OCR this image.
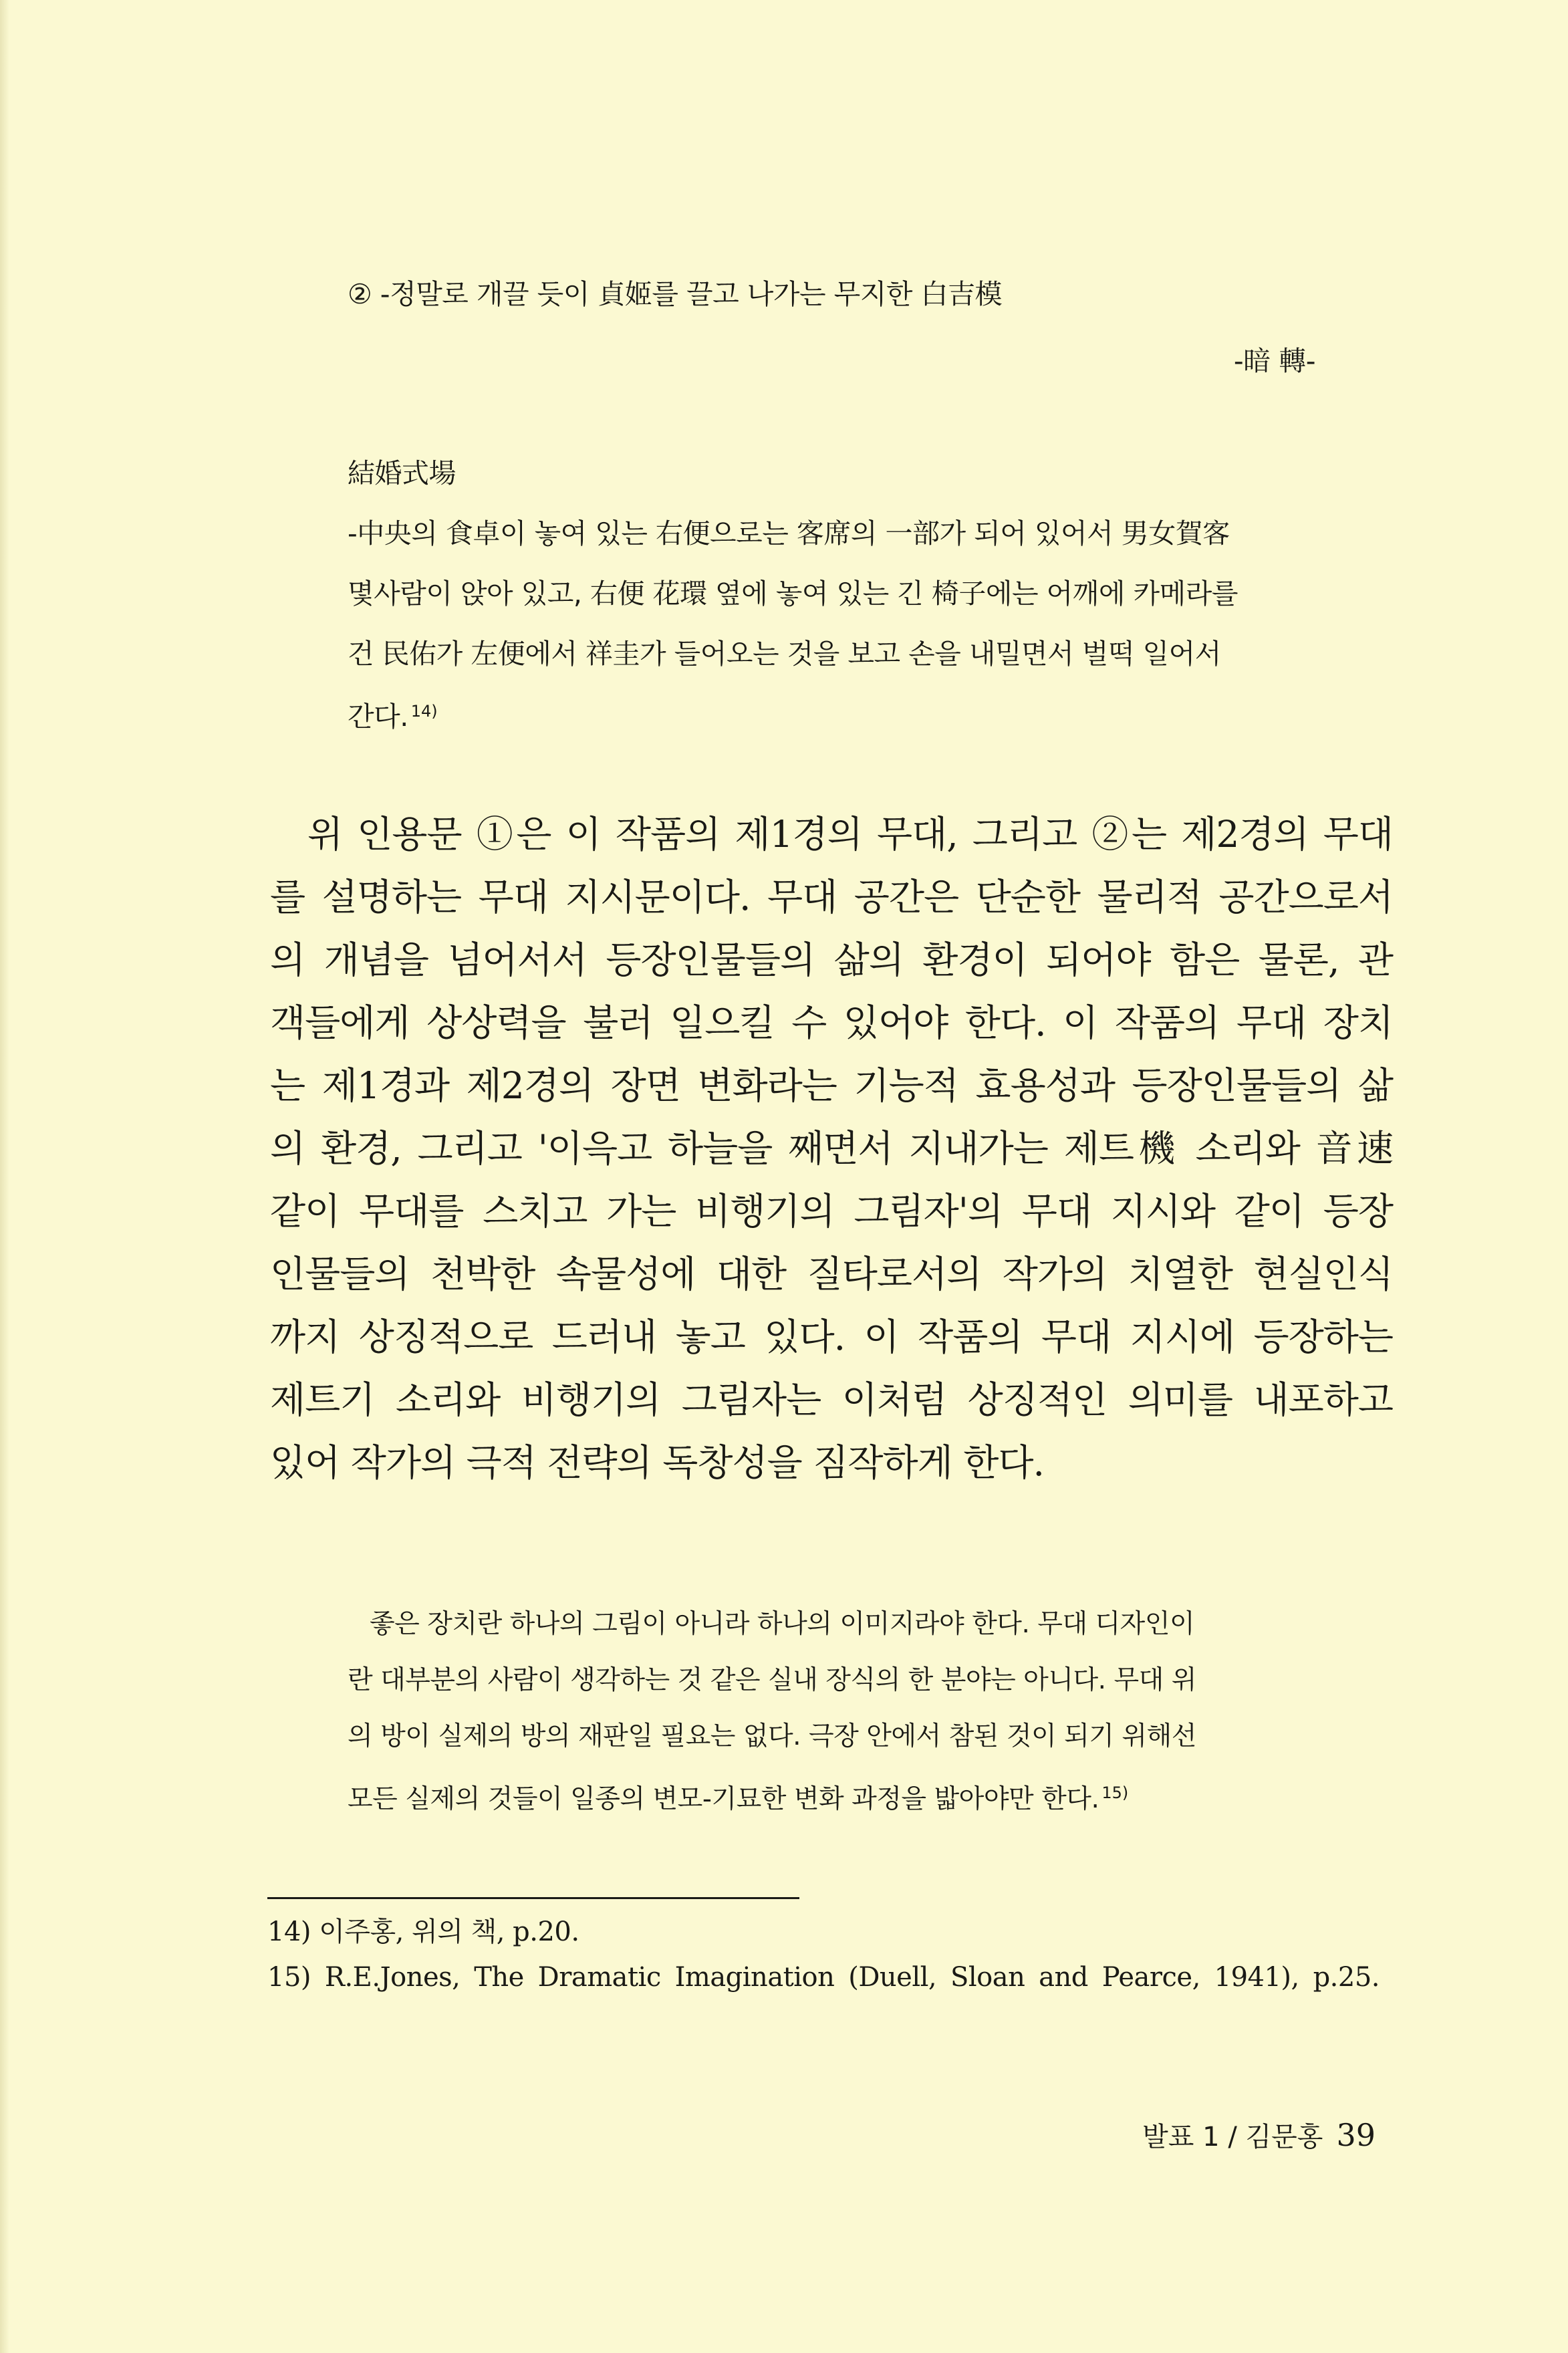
② -정말로 개끌 듯이 貞姬를 끌고 나가는 무지한 白吉模
-暗 轉-
結婚式場
-中央의 食卓이 놓여 있는 右便으로는 客席의 一部가 되어 있어서 男女賀客
몇사람이 앉아 있고, 右便 花環 옆에 놓여 있는 긴 椅子에는 어깨에 카메라를
건 民佑가 左便에서 祥圭가 들어오는 것을 보고 손을 내밀면서 벌떡 일어서
간다. $^{14)}$
위 인용문 ①은 이 작품의 제1경의 무대, 그리고 ②는 제2경의 무대
를 설명하는 무대 지시문이다. 무대 공간은 단순한 물리적 공간으로서
의 개념을 넘어서서 등장인물들의 삶의 환경이 되어야 함은 물론, 관
객들에게 상상력을 불러 일으킬 수 있어야 한다. 이 작품의 무대 장치
는 제1경과 제2경의 장면 변화라는 기능적 효용성과 등장인물들의 삶
의 환경, 그리고 '이윽고 하늘을 째면서 지내가는 제트機 소리와 音速
같이 무대를 스치고 가는 비행기의 그림자'의 무대 지시와 같이 등장
인물들의 천박한 속물성에 대한 질타로서의 작가의 치열한 현실인식
까지 상징적으로 드러내 놓고 있다. 이 작품의 무대 지시에 등장하는
제트기 소리와 비행기의 그림자는 이처럼 상징적인 의미를 내포하고
있어 작가의 극적 전략의 독창성을 짐작하게 한다.
좋은 장치란 하나의 그림이 아니라 하나의 이미지라야 한다. 무대 디자인이
란 대부분의 사람이 생각하는 것 같은 실내 장식의 한 분야는 아니다. 무대 위
의 방이 실제의 방의 재판일 필요는 없다. 극장 안에서 참된 것이 되기 위해선
모든 실제의 것들이 일종의 변모-기묘한 변화 과정을 밟아야만 한다. $^{15)}$
14) 이주홍, 위의 책, p.20.
15) R.E.Jones, The Dramatic Imagination (Duell, Sloan and Pearce, 1941), p.25.
발표 1 / 김문홍 39
